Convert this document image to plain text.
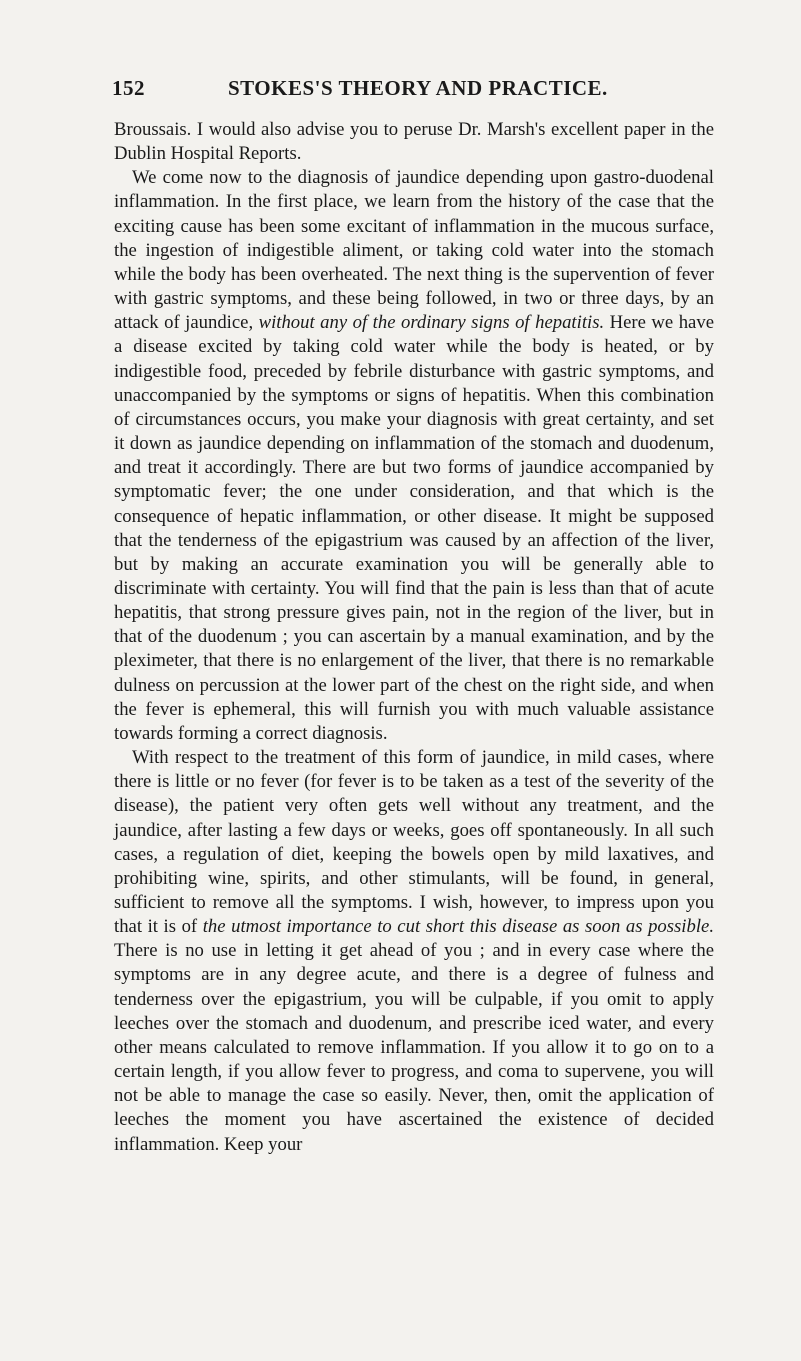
152	STOKES'S THEORY AND PRACTICE.

Broussais. I would also advise you to peruse Dr. Marsh's excellent paper in the Dublin Hospital Reports.

We come now to the diagnosis of jaundice depending upon gastro-duodenal inflammation. In the first place, we learn from the history of the case that the exciting cause has been some excitant of inflammation in the mucous surface, the ingestion of indigestible aliment, or taking cold water into the stomach while the body has been overheated. The next thing is the supervention of fever with gastric symptoms, and these being followed, in two or three days, by an attack of jaundice, without any of the ordinary signs of hepatitis. Here we have a disease excited by taking cold water while the body is heated, or by indigestible food, preceded by febrile disturbance with gastric symptoms, and unaccompanied by the symptoms or signs of hepatitis. When this combination of circumstances occurs, you make your diagnosis with great certainty, and set it down as jaundice depending on inflammation of the stomach and duodenum, and treat it accordingly. There are but two forms of jaundice accompanied by symptomatic fever; the one under consideration, and that which is the consequence of hepatic inflammation, or other disease. It might be supposed that the tenderness of the epigastrium was caused by an affection of the liver, but by making an accurate examination you will be generally able to discriminate with certainty. You will find that the pain is less than that of acute hepatitis, that strong pressure gives pain, not in the region of the liver, but in that of the duodenum ; you can ascertain by a manual examination, and by the pleximeter, that there is no enlargement of the liver, that there is no remarkable dulness on percussion at the lower part of the chest on the right side, and when the fever is ephemeral, this will furnish you with much valuable assistance towards forming a correct diagnosis.

With respect to the treatment of this form of jaundice, in mild cases, where there is little or no fever (for fever is to be taken as a test of the severity of the disease), the patient very often gets well without any treatment, and the jaundice, after lasting a few days or weeks, goes off spontaneously. In all such cases, a regulation of diet, keeping the bowels open by mild laxatives, and prohibiting wine, spirits, and other stimulants, will be found, in general, sufficient to remove all the symptoms. I wish, however, to impress upon you that it is of the utmost importance to cut short this disease as soon as possible. There is no use in letting it get ahead of you ; and in every case where the symptoms are in any degree acute, and there is a degree of fulness and tenderness over the epigastrium, you will be culpable, if you omit to apply leeches over the stomach and duodenum, and prescribe iced water, and every other means calculated to remove inflammation. If you allow it to go on to a certain length, if you allow fever to progress, and coma to supervene, you will not be able to manage the case so easily. Never, then, omit the application of leeches the moment you have ascertained the existence of decided inflammation. Keep your
